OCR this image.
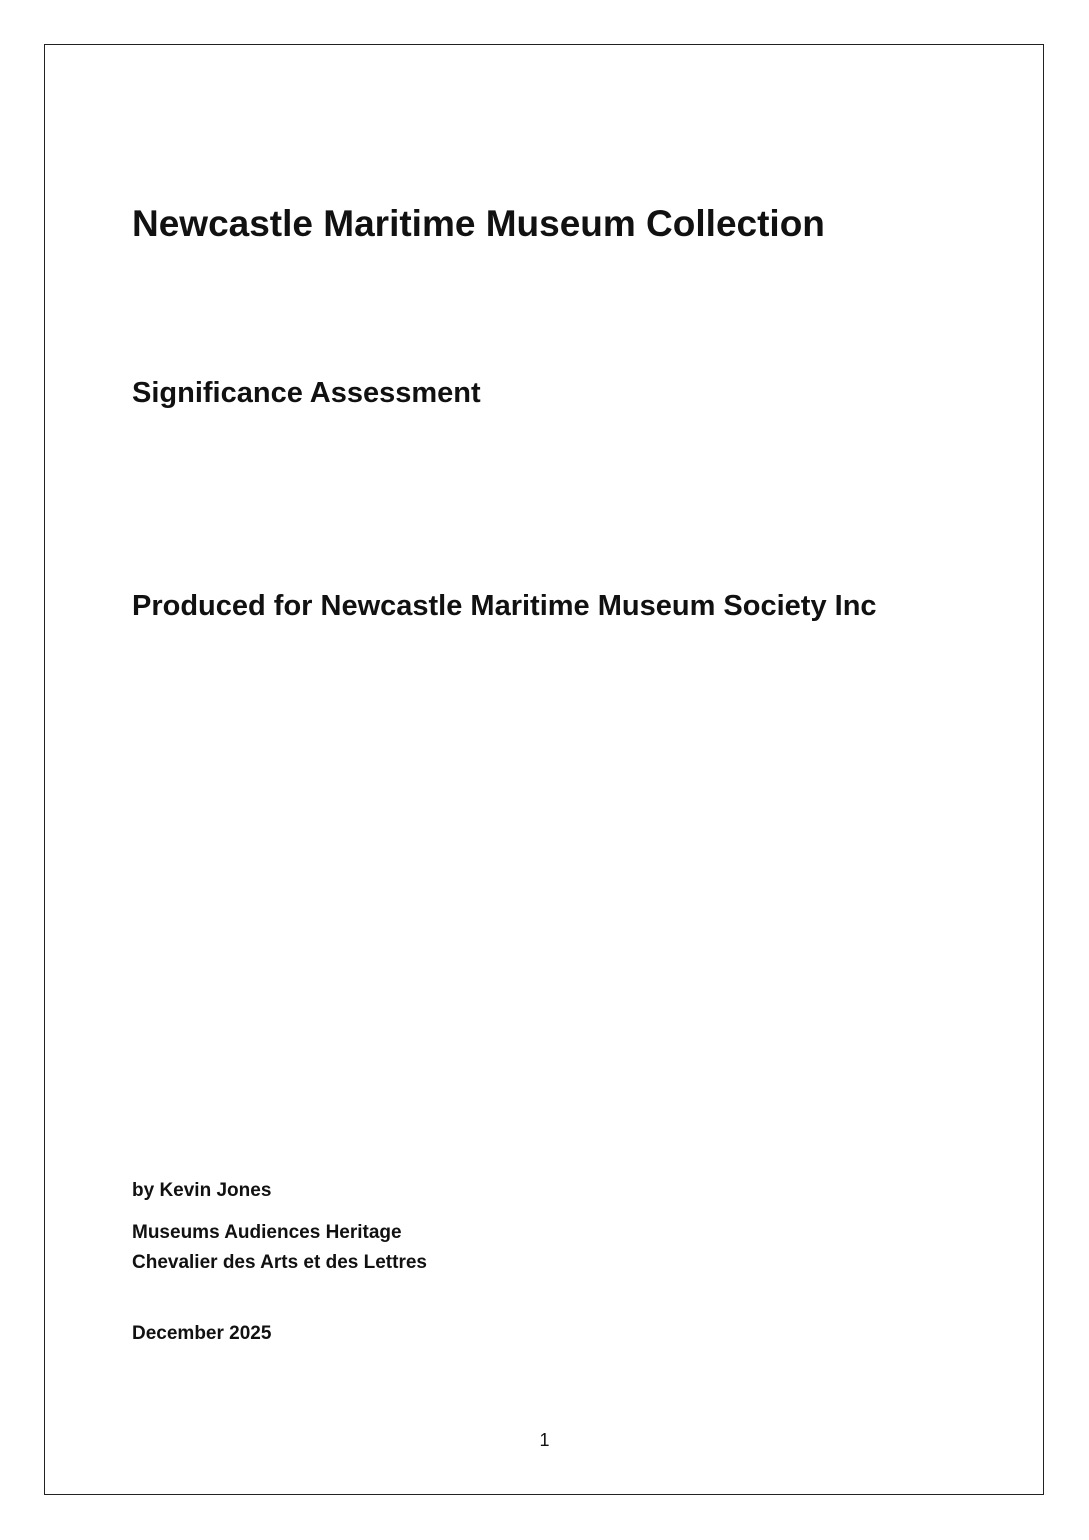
Newcastle Maritime Museum Collection
Significance Assessment
Produced for Newcastle Maritime Museum Society Inc

by Kevin Jones

Museums Audiences Heritage

Chevalier des Arts et des Lettres

December 2025

1
